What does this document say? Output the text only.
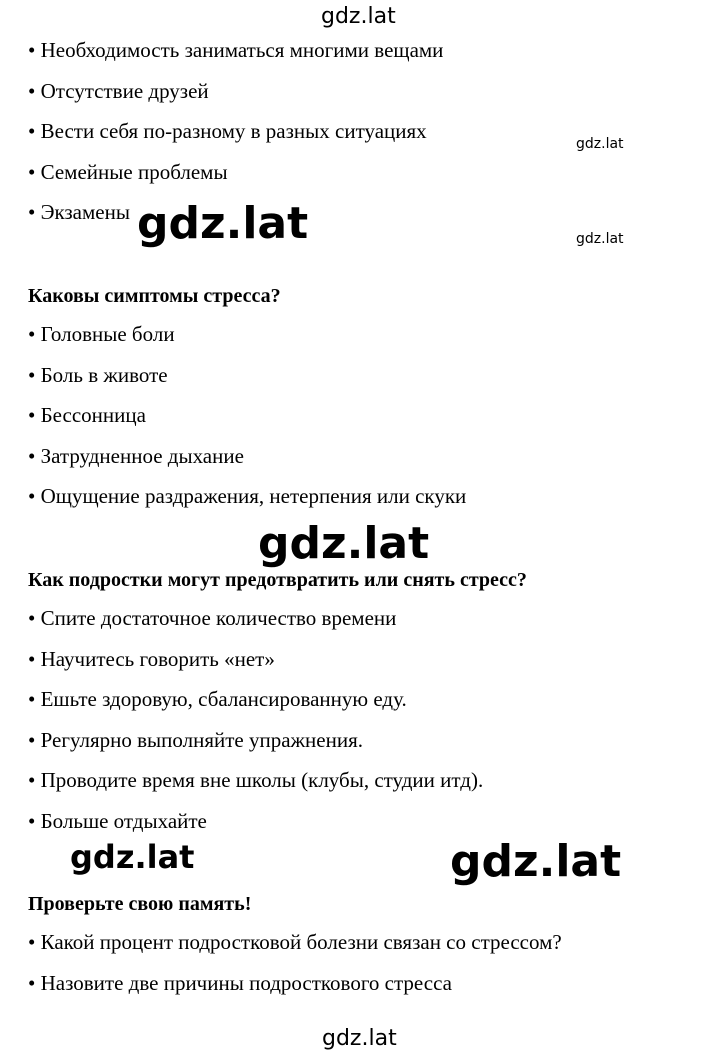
gdz.lat
• Необходимость заниматься многими вещами
• Отсутствие друзей
• Вести себя по-разному в разных ситуациях
gdz.lat
• Семейные проблемы
• Экзамены gdz.lat	gdz.lat
Каковы симптомы стресса?
• Головные боли
• Боль в животе
• Бессонница
• Затрудненное дыхание
• Ощущение раздражения, нетерпения или скуки
gdz.lat
Как подростки могут предотвратить или снять стресс?
• Спите достаточное количество времени
• Научитесь говорить «нет»
• Ешьте здоровую, сбалансированную еду.
• Регулярно выполняйте упражнения.
• Проводите время вне школы (клубы, студии итд).
• Больше отдыхайте
gdz.lat	gdz.lat
Проверьте свою память!
• Какой процент подростковой болезни связан со стрессом?
• Назовите две причины подросткового стресса
gdz.lat
